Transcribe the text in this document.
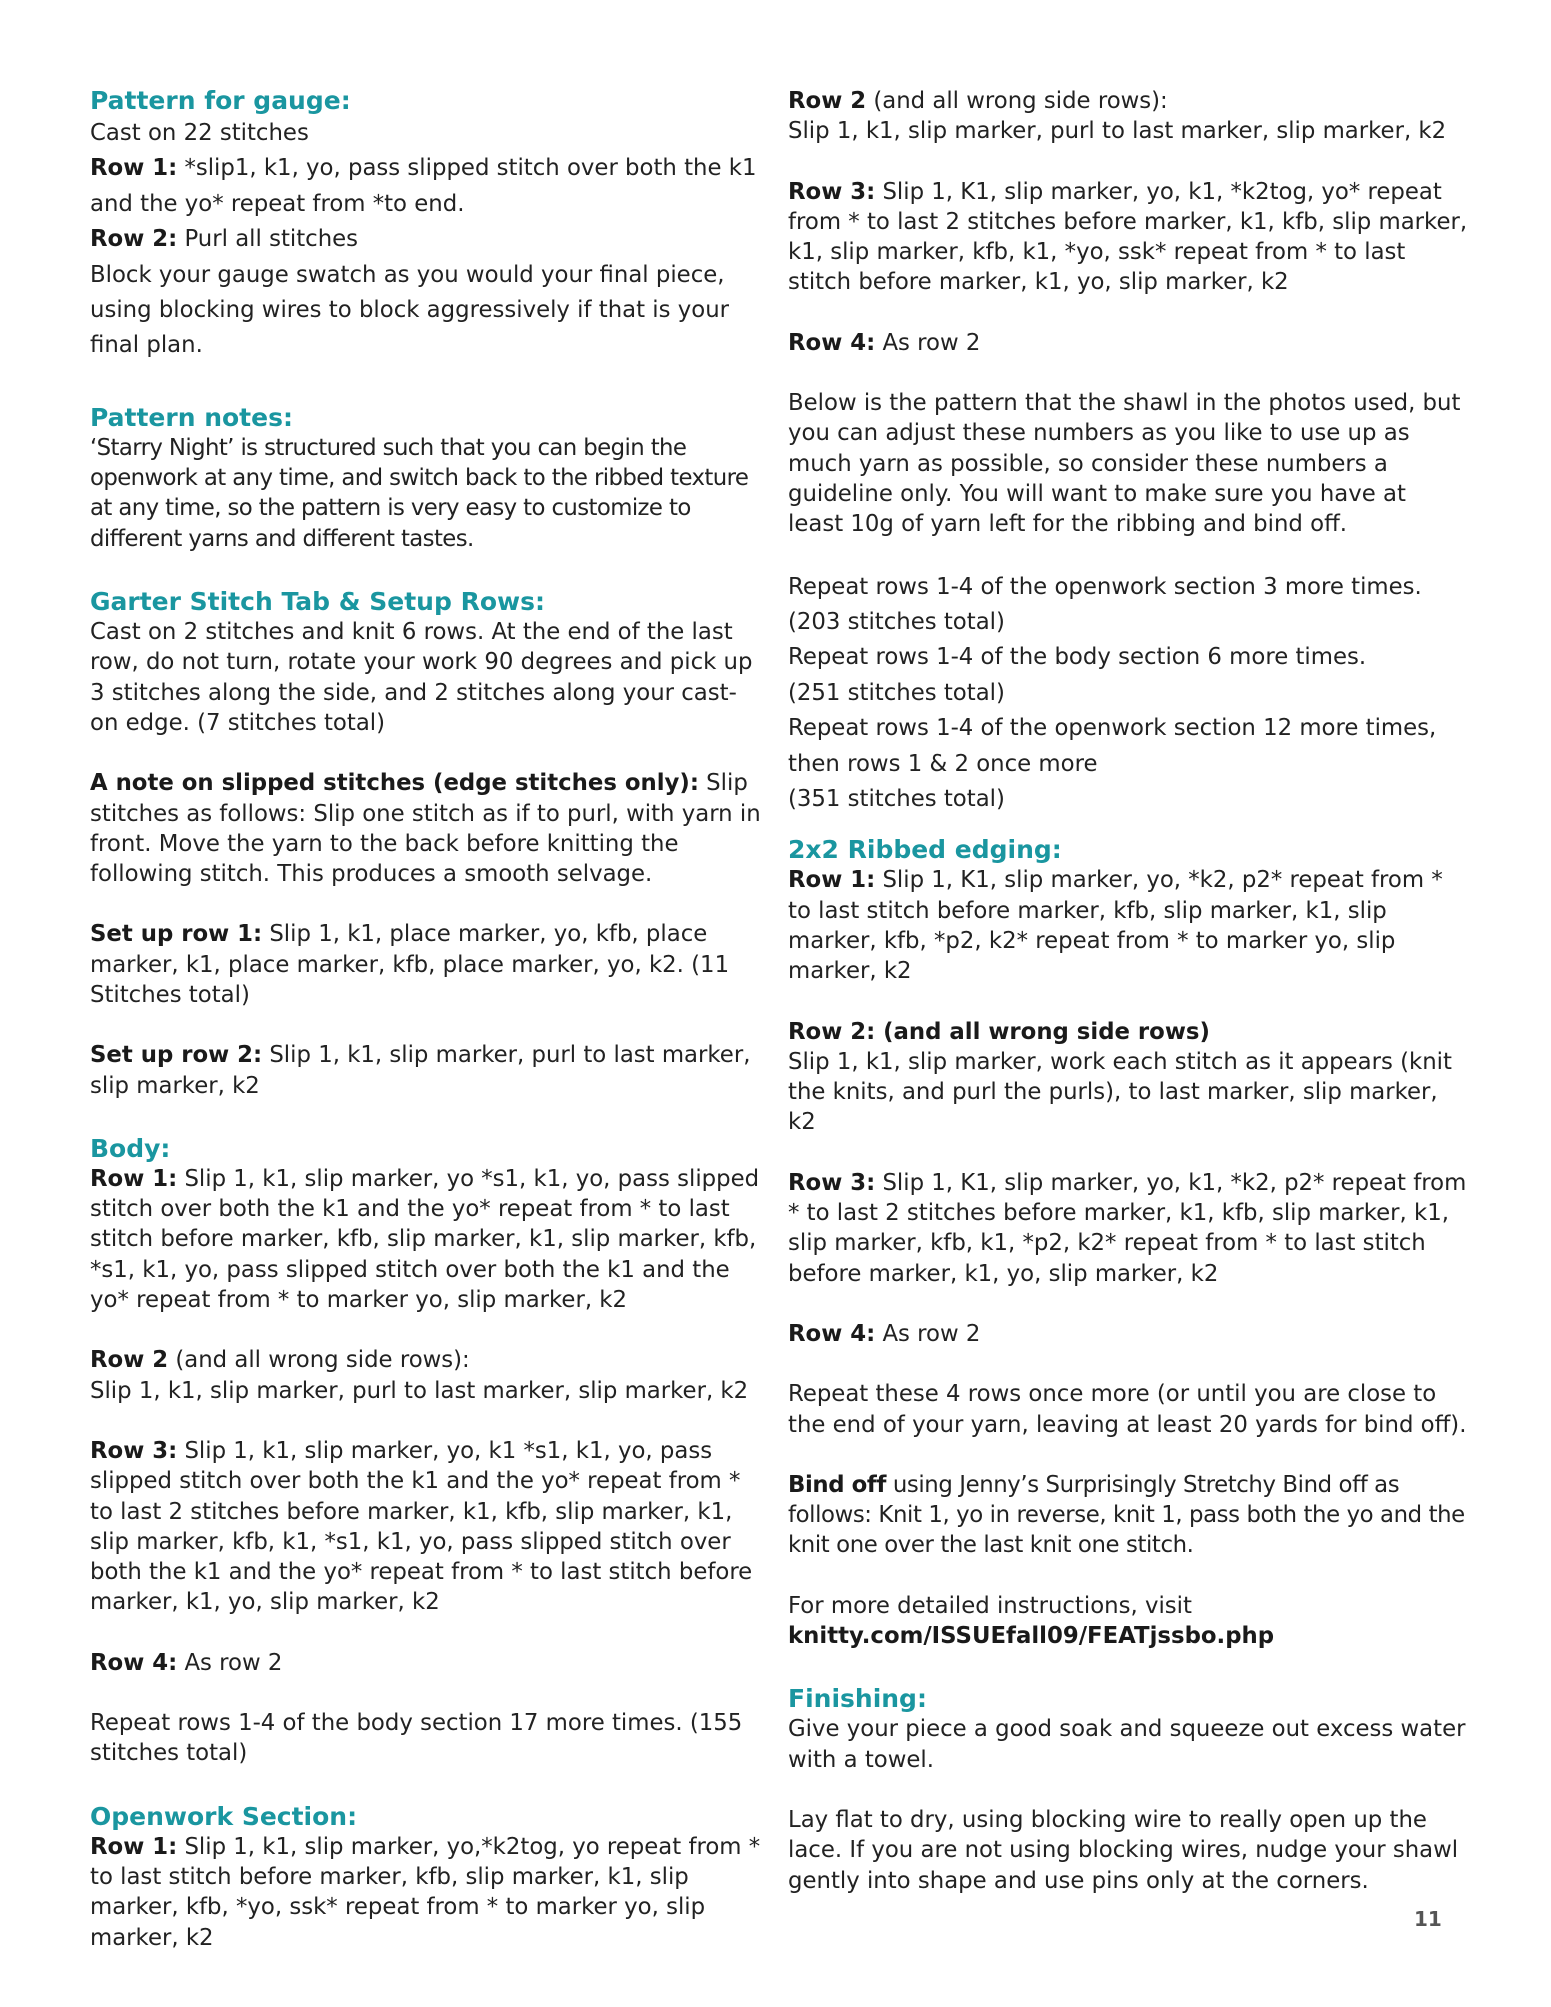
Pattern for gauge:

Cast on 22 stitches

Row 1: *slip1, k1, yo, pass slipped stitch over both the k1 and the yo* repeat from *to end.

Row 2: Purl all stitches

Block your gauge swatch as you would your final piece, using blocking wires to block aggressively if that is your final plan.

Pattern notes:

‘Starry Night’ is structured such that you can begin the openwork at any time, and switch back to the ribbed texture at any time, so the pattern is very easy to customize to different yarns and different tastes.

Garter Stitch Tab & Setup Rows:

Cast on 2 stitches and knit 6 rows. At the end of the last row, do not turn, rotate your work 90 degrees and pick up 3 stitches along the side, and 2 stitches along your cast-on edge. (7 stitches total)

A note on slipped stitches (edge stitches only): Slip stitches as follows: Slip one stitch as if to purl, with yarn in front. Move the yarn to the back before knitting the following stitch. This produces a smooth selvage.

Set up row 1: Slip 1, k1, place marker, yo, kfb, place marker, k1, place marker, kfb, place marker, yo, k2. (11 Stitches total)

Set up row 2: Slip 1, k1, slip marker, purl to last marker, slip marker, k2

Body:

Row 1: Slip 1, k1, slip marker, yo *s1, k1, yo, pass slipped stitch over both the k1 and the yo* repeat from * to last stitch before marker, kfb, slip marker, k1, slip marker, kfb, *s1, k1, yo, pass slipped stitch over both the k1 and the yo* repeat from * to marker yo, slip marker, k2

Row 2 (and all wrong side rows):

Slip 1, k1, slip marker, purl to last marker, slip marker, k2

Row 3: Slip 1, k1, slip marker, yo, k1 *s1, k1, yo, pass slipped stitch over both the k1 and the yo* repeat from * to last 2 stitches before marker, k1, kfb, slip marker, k1, slip marker, kfb, k1, *s1, k1, yo, pass slipped stitch over both the k1 and the yo* repeat from * to last stitch before marker, k1, yo, slip marker, k2

Row 4: As row 2

Repeat rows 1-4 of the body section 17 more times. (155 stitches total)

Openwork Section:

Row 1: Slip 1, k1, slip marker, yo,*k2tog, yo repeat from * to last stitch before marker, kfb, slip marker, k1, slip marker, kfb, *yo, ssk* repeat from * to marker yo, slip marker, k2

Row 2 (and all wrong side rows):

Slip 1, k1, slip marker, purl to last marker, slip marker, k2

Row 3: Slip 1, K1, slip marker, yo, k1, *k2tog, yo* repeat from * to last 2 stitches before marker, k1, kfb, slip marker, k1, slip marker, kfb, k1, *yo, ssk* repeat from * to last stitch before marker, k1, yo, slip marker, k2

Row 4: As row 2

Below is the pattern that the shawl in the photos used, but you can adjust these numbers as you like to use up as much yarn as possible, so consider these numbers a guideline only. You will want to make sure you have at least 10g of yarn left for the ribbing and bind off.

Repeat rows 1-4 of the openwork section 3 more times.

(203 stitches total)

Repeat rows 1-4 of the body section 6 more times.

(251 stitches total)

Repeat rows 1-4 of the openwork section 12 more times, then rows 1 & 2 once more

(351 stitches total)

2x2 Ribbed edging:

Row 1: Slip 1, K1, slip marker, yo, *k2, p2* repeat from * to last stitch before marker, kfb, slip marker, k1, slip marker, kfb, *p2, k2* repeat from * to marker yo, slip marker, k2

Row 2: (and all wrong side rows)

Slip 1, k1, slip marker, work each stitch as it appears (knit the knits, and purl the purls), to last marker, slip marker, k2

Row 3: Slip 1, K1, slip marker, yo, k1, *k2, p2* repeat from * to last 2 stitches before marker, k1, kfb, slip marker, k1, slip marker, kfb, k1, *p2, k2* repeat from * to last stitch before marker, k1, yo, slip marker, k2

Row 4: As row 2

Repeat these 4 rows once more (or until you are close to the end of your yarn, leaving at least 20 yards for bind off).

Bind off using Jenny’s Surprisingly Stretchy Bind off as follows: Knit 1, yo in reverse, knit 1, pass both the yo and the knit one over the last knit one stitch.

For more detailed instructions, visit

knitty.com/ISSUEfall09/FEATjssbo.php

Finishing:

Give your piece a good soak and squeeze out excess water with a towel.

Lay flat to dry, using blocking wire to really open up the lace. If you are not using blocking wires, nudge your shawl gently into shape and use pins only at the corners.

11
